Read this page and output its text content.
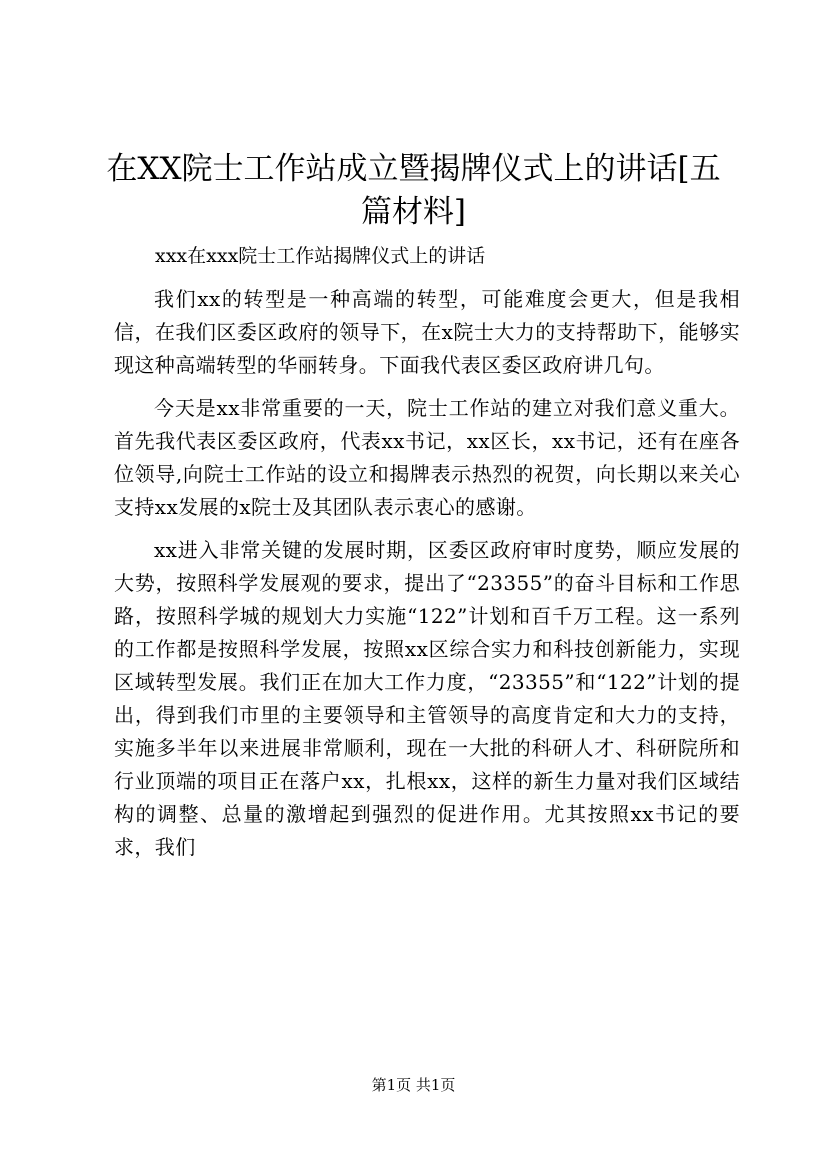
在XX院士工作站成立暨揭牌仪式上的讲话[五篇材料]

xxx在xxx院士工作站揭牌仪式上的讲话

我们xx的转型是一种高端的转型，可能难度会更大，但是我相信，在我们区委区政府的领导下，在x院士大力的支持帮助下，能够实现这种高端转型的华丽转身。下面我代表区委区政府讲几句。

今天是xx非常重要的一天，院士工作站的建立对我们意义重大。首先我代表区委区政府，代表xx书记，xx区长，xx书记，还有在座各位领导,向院士工作站的设立和揭牌表示热烈的祝贺，向长期以来关心支持xx发展的x院士及其团队表示衷心的感谢。

xx进入非常关键的发展时期，区委区政府审时度势，顺应发展的大势，按照科学发展观的要求，提出了“23355”的奋斗目标和工作思路，按照科学城的规划大力实施“122”计划和百千万工程。这一系列的工作都是按照科学发展，按照xx区综合实力和科技创新能力，实现区域转型发展。我们正在加大工作力度，“23355”和“122”计划的提出，得到我们市里的主要领导和主管领导的高度肯定和大力的支持，实施多半年以来进展非常顺利，现在一大批的科研人才、科研院所和行业顶端的项目正在落户xx，扎根xx，这样的新生力量对我们区域结构的调整、总量的激增起到强烈的促进作用。尤其按照xx书记的要求，我们

第1页 共1页
